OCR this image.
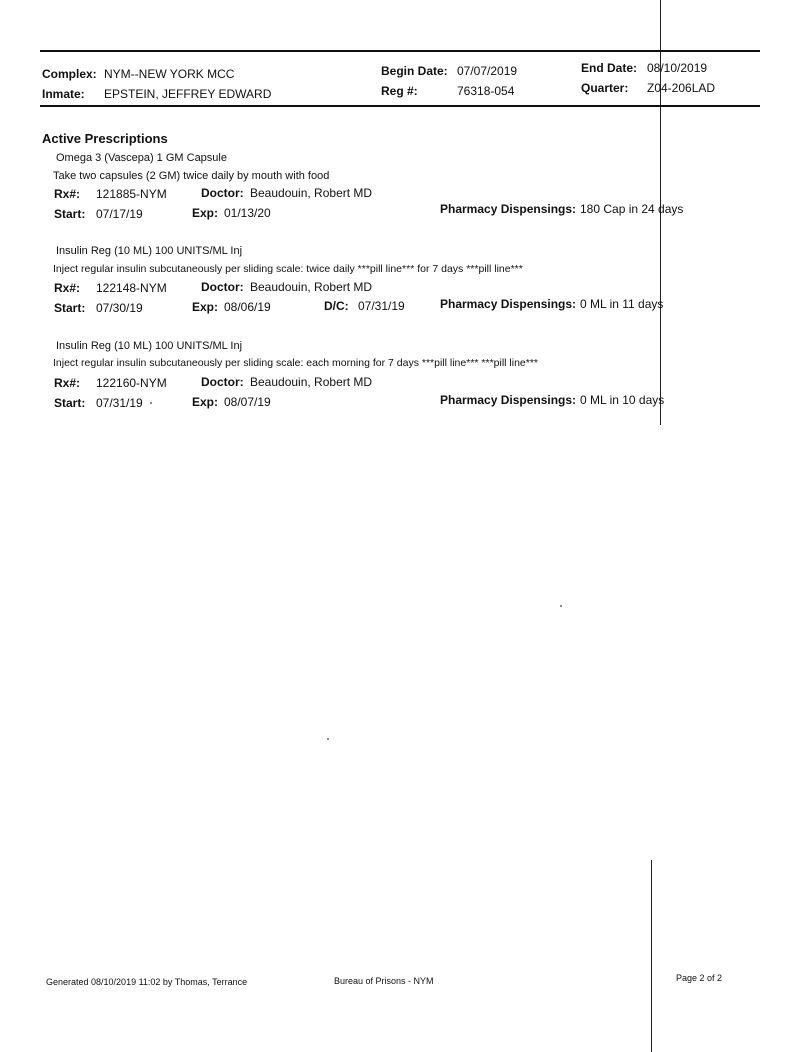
Complex: NYM--NEW YORK MCC
Inmate: EPSTEIN, JEFFREY EDWARD
Begin Date: 07/07/2019
Reg #:	76318-054
End Date: 08/10/2019
Quarter: Z04-206LAD
Active Prescriptions
Omega 3 (Vascepa) 1 GM Capsule
Take two capsules (2 GM) twice daily by mouth with food
Rx#: 121885-NYM	Doctor: Beaudouin, Robert MD
Start: 07/17/19	Exp: 01/13/20	Pharmacy Dispensings: 180 Cap in 24 days
Insulin Reg (10 ML) 100 UNITS/ML Inj
Inject regular insulin subcutaneously per sliding scale: twice daily ***pill line*** for 7 days ***pill line***
Rx#: 122148-NYM	Doctor: Beaudouin, Robert MD
Start: 07/30/19	Exp: 08/06/19	D/C: 07/31/19	Pharmacy Dispensings: 0 ML in 11 days
Insulin Reg (10 ML) 100 UNITS/ML Inj
Inject regular insulin subcutaneously per sliding scale: each morning for 7 days ***pill line*** ***pill line***
Rx#: 122160-NYM	Doctor: Beaudouin, Robert MD
Start: 07/31/19	Exp: 08/07/19	Pharmacy Dispensings: 0 ML in 10 days
Generated 08/10/2019 11:02 by Thomas, Terrance	Bureau of Prisons - NYM	Page 2 of 2
